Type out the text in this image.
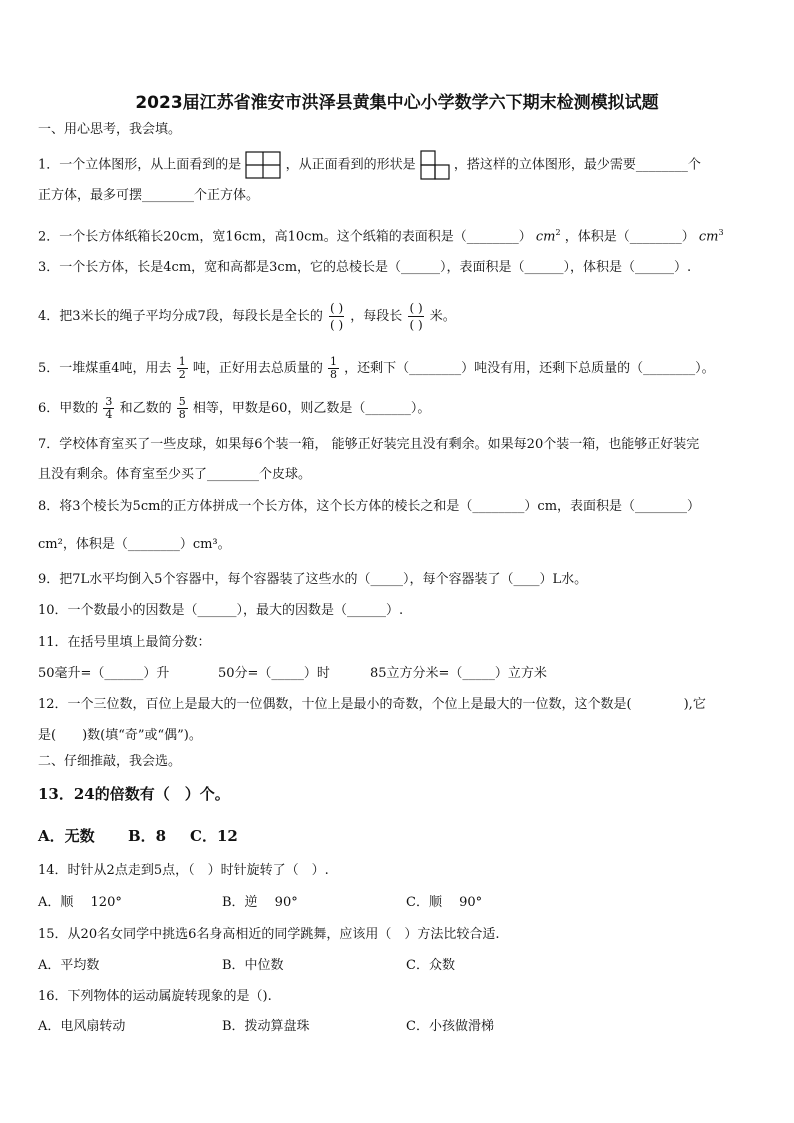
2023届江苏省淮安市洪泽县黄集中心小学数学六下期末检测模拟试题
一、用心思考，我会填。
1．一个立体图形，从上面看到的是	，从正面看到的形状是	，搭这样的立体图形，最少需要________个
正方体，最多可摆________个正方体。
2．一个长方体纸箱长20cm，宽16cm，高10cm。这个纸箱的表面积是（________） $cm^2$ ，体积是（________） $cm^3$
3．一个长方体，长是4cm，宽和高都是3cm，它的总棱长是（______），表面积是（______），体积是（______）.
4．把3米长的绳子平均分成7段，每段长是全长的 $\frac{( )}{( )}$ ，每段长 $\frac{( )}{( )}$ 米。
5．一堆煤重4吨，用去 $\frac{1}{2}$ 吨，正好用去总质量的 $\frac{1}{8}$ ，还剩下（________）吨没有用，还剩下总质量的（________）。
6．甲数的 $\frac{3}{4}$ 和乙数的 $\frac{5}{8}$ 相等，甲数是60，则乙数是（_______）。
7．学校体育室买了一些皮球，如果每6个装一箱， 能够正好装完且没有剩余。如果每20个装一箱，也能够正好装完
且没有剩余。体育室至少买了________个皮球。
8．将3个棱长为5cm的正方体拼成一个长方体，这个长方体的棱长之和是（________）cm，表面积是（________）
cm²，体积是（________）cm³。
9．把7L水平均倒入5个容器中，每个容器装了这些水的（_____），每个容器装了（____）L水。
10．一个数最小的因数是（______），最大的因数是（______）.
11．在括号里填上最简分数：
50毫升=（______）升	50分=（_____）时	85立方分米=（_____）立方米
12．一个三位数，百位上是最大的一位偶数，十位上是最小的奇数，个位上是最大的一位数，这个数是(　　　　),它
是(　　)数(填“奇”或“偶”)。
二、仔细推敲，我会选。
13．24的倍数有（　）个。
A．无数 B．8 C．12
14．时针从2点走到5点，（　）时针旋转了（　）.
A．顺　 120°	B．逆　 90°	C．顺　 90°
15．从20名女同学中挑选6名身高相近的同学跳舞，应该用（　）方法比较合适.
A．平均数	B．中位数	C．众数
16．下列物体的运动属旋转现象的是（).
A．电风扇转动	B．拨动算盘珠	C．小孩做滑梯
